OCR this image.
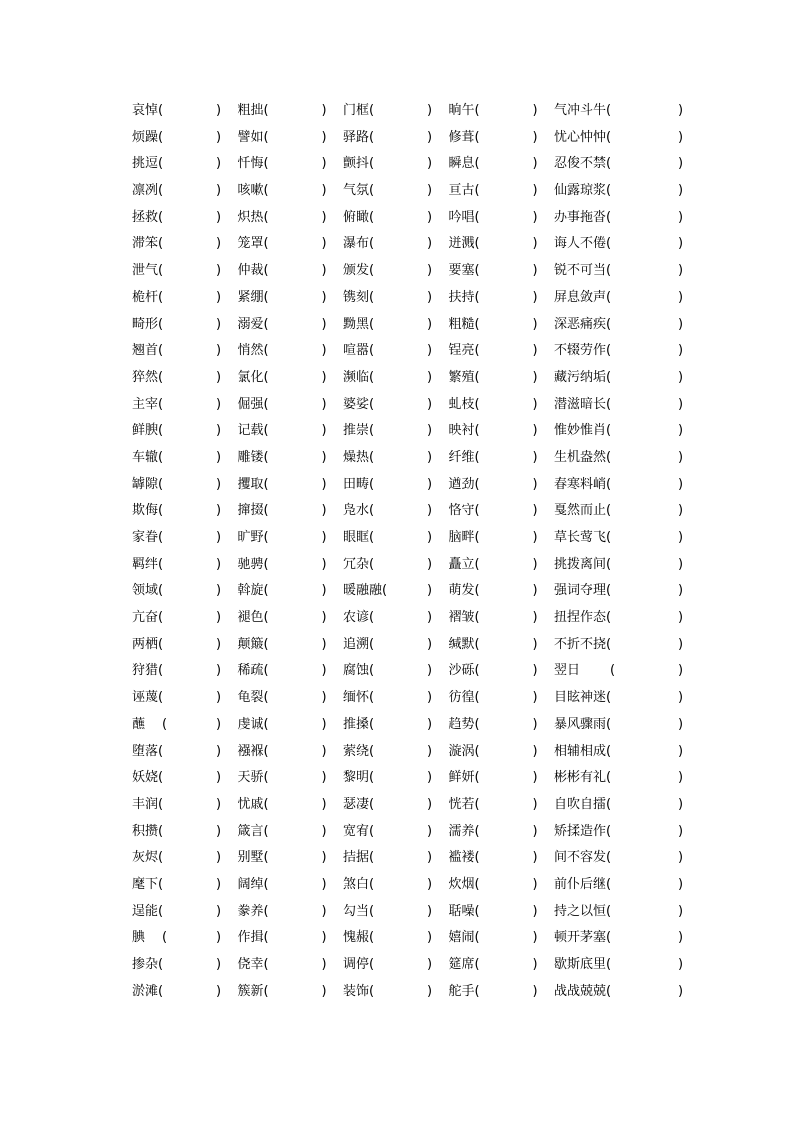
哀悼 (	) 粗拙 (	) 门框 (	) 晌午 (	) 气冲斗牛 (	)
烦躁 (	) 譬如 (	) 驿路 (	) 修葺 (	) 忧心忡忡 (	)
挑逗 (	) 忏悔 (	) 颤抖 (	) 瞬息 (	) 忍俊不禁 (	)
凛冽 (	) 咳嗽 (	) 气氛 (	) 亘古 (	) 仙露琼浆 (	)
拯救 (	) 炽热 (	) 俯瞰 (	) 吟唱 (	) 办事拖沓 (	)
滞笨 (	) 笼罩 (	) 瀑布 (	) 迸溅 (	) 诲人不倦 (	)
泄气 (	) 仲裁 (	) 颁发 (	) 要塞 (	) 锐不可当 (	)
桅杆 (	) 紧绷 (	) 镌刻 (	) 扶持 (	) 屏息敛声 (	)
畸形 (	) 溺爱 (	) 黝黑 (	) 粗糙 (	) 深恶痛疾 (	)
翘首 (	) 悄然 (	) 喧嚣 (	) 锃亮 (	) 不辍劳作 (	)
猝然 (	) 氯化 (	) 濒临 (	) 繁殖 (	) 藏污纳垢 (	)
主宰 (	) 倔强 (	) 婆娑 (	) 虬枝 (	) 潜滋暗长 (	)
鲜腴 (	) 记载 (	) 推崇 (	) 映衬 (	) 惟妙惟肖 (	)
车辙 (	) 雕镂 (	) 燥热 (	) 纤维 (	) 生机盎然 (	)
罅隙 (	) 攫取 (	) 田畴 (	) 遒劲 (	) 春寒料峭 (	)
欺侮 (	) 撺掇 (	) 凫水 (	) 恪守 (	) 戛然而止 (	)
家眷 (	) 旷野 (	) 眼眶 (	) 脑畔 (	) 草长莺飞 (	)
羁绊 (	) 驰骋 (	) 冗杂 (	) 矗立 (	) 挑拨离间 (	)
领域 (	) 斡旋 (	) 暖融融 (	) 萌发 (	) 强词夺理 (	)
亢奋 (	) 褪色 (	) 农谚 (	) 褶皱 (	) 扭捏作态 (	)
两栖 (	) 颠簸 (	) 追溯 (	) 缄默 (	) 不折不挠 (	)
狩猎 (	) 稀疏 (	) 腐蚀 (	) 沙砾 (	) 翌日 (	)
诬蔑 (	) 龟裂 (	) 缅怀 (	) 彷徨 (	) 目眩神迷 (	)
蘸 (	) 虔诚 (	) 推搡 (	) 趋势 (	) 暴风骤雨 (	)
堕落 (	) 襁褓 (	) 萦绕 (	) 漩涡 (	) 相辅相成 (	)
妖娆 (	) 天骄 (	) 黎明 (	) 鲜妍 (	) 彬彬有礼 (	)
丰润 (	) 忧戚 (	) 瑟凄 (	) 恍若 (	) 自吹自擂 (	)
积攒 (	) 箴言 (	) 宽宥 (	) 濡养 (	) 矫揉造作 (	)
灰烬 (	) 别墅 (	) 拮据 (	) 褴褛 (	) 间不容发 (	)
麾下 (	) 阔绰 (	) 煞白 (	) 炊烟 (	) 前仆后继 (	)
逞能 (	) 豢养 (	) 勾当 (	) 聒噪 (	) 持之以恒 (	)
腆 (	) 作揖 (	) 愧赧 (	) 嬉闹 (	) 顿开茅塞 (	)
掺杂 (	) 侥幸 (	) 调停 (	) 筵席 (	) 歇斯底里 (	)
淤滩 (	) 簇新 (	) 装饰 (	) 舵手 (	) 战战兢兢 (	)
